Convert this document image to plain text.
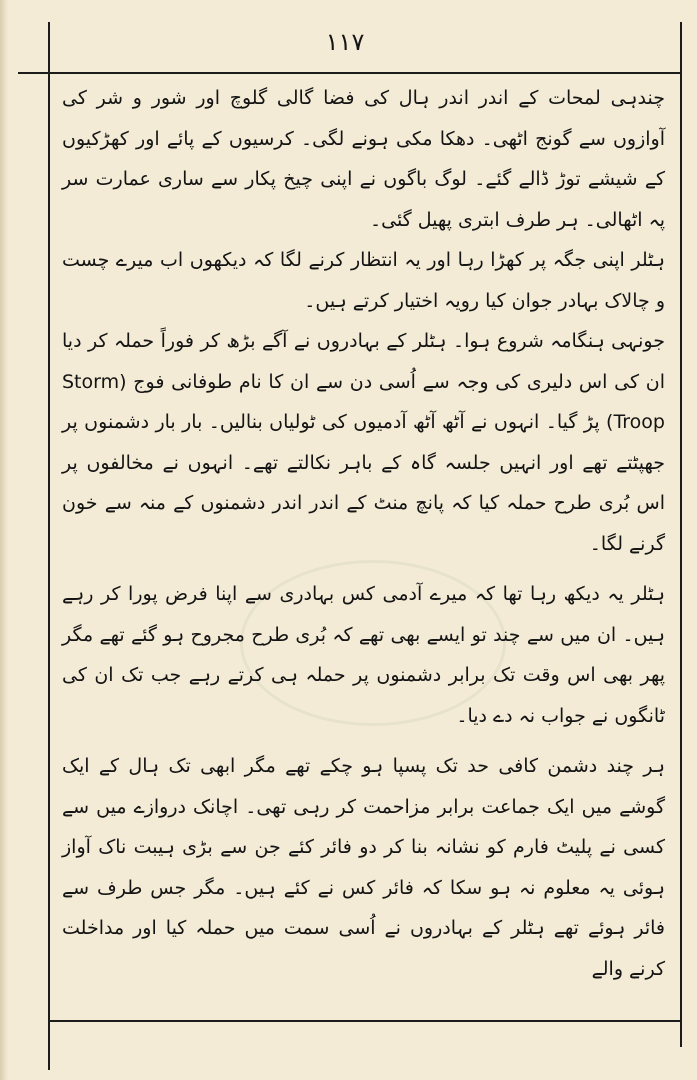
۱۱۷

چندہی لمحات کے اندر اندر ہال کی فضا گالی گلوچ اور شور و شر کی آوازوں سے گونج اٹھی۔ دھکا مکی ہونے لگی۔ کرسیوں کے پائے اور کھڑکیوں کے شیشے توڑ ڈالے گئے۔ لوگ باگوں نے اپنی چیخ پکار سے ساری عمارت سر پہ اٹھالی۔ ہر طرف ابتری پھیل گئی۔

ہٹلر اپنی جگہ پر کھڑا رہا اور یہ انتظار کرنے لگا کہ دیکھوں اب میرے چست و چالاک بہادر جوان کیا رویہ اختیار کرتے ہیں۔

جونہی ہنگامہ شروع ہوا۔ ہٹلر کے بہادروں نے آگے بڑھ کر فوراً حملہ کر دیا ان کی اس دلیری کی وجہ سے اُسی دن سے ان کا نام طوفانی فوج (Storm Troop) پڑ گیا۔ انہوں نے آٹھ آٹھ آدمیوں کی ٹولیاں بنالیں۔ بار بار دشمنوں پر جھپٹتے تھے اور انہیں جلسہ گاہ کے باہر نکالتے تھے۔ انہوں نے مخالفوں پر اس بُری طرح حملہ کیا کہ پانچ منٹ کے اندر اندر دشمنوں کے منہ سے خون گرنے لگا۔

ہٹلر یہ دیکھ رہا تھا کہ میرے آدمی کس بہادری سے اپنا فرض پورا کر رہے ہیں۔ ان میں سے چند تو ایسے بھی تھے کہ بُری طرح مجروح ہو گئے تھے مگر پھر بھی اس وقت تک برابر دشمنوں پر حملہ ہی کرتے رہے جب تک ان کی ٹانگوں نے جواب نہ دے دیا۔

ہر چند دشمن کافی حد تک پسپا ہو چکے تھے مگر ابھی تک ہال کے ایک گوشے میں ایک جماعت برابر مزاحمت کر رہی تھی۔ اچانک دروازے میں سے کسی نے پلیٹ فارم کو نشانہ بنا کر دو فائر کئے جن سے بڑی ہیبت ناک آواز ہوئی یہ معلوم نہ ہو سکا کہ فائر کس نے کئے ہیں۔ مگر جس طرف سے فائر ہوئے تھے ہٹلر کے بہادروں نے اُسی سمت میں حملہ کیا اور مداخلت کرنے والے
